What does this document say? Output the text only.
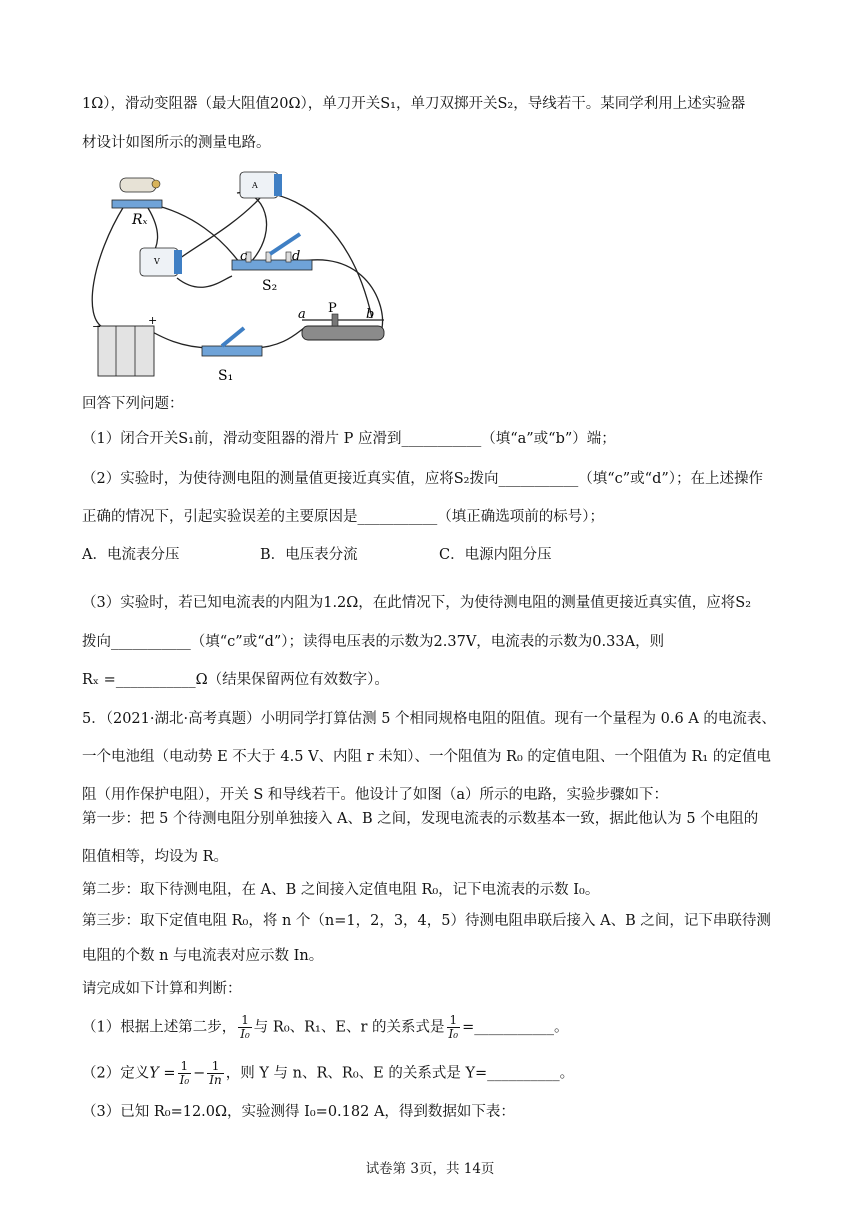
1Ω），滑动变阻器（最大阻值20Ω），单刀开关S₁，单刀双掷开关S₂，导线若干。某同学利用上述实验器
材设计如图所示的测量电路。
Rₓ
A
V	c	d
S₂
−	+
S₁
a P b
回答下列问题：
（1）闭合开关S₁前，滑动变阻器的滑片 P 应滑到___________（填“a”或“b”）端；
（2）实验时，为使待测电阻的测量值更接近真实值，应将S₂拨向___________（填“c”或“d”）；在上述操作
正确的情况下，引起实验误差的主要原因是___________（填正确选项前的标号）；
A．电流表分压	B．电压表分流	C．电源内阻分压
（3）实验时，若已知电流表的内阻为1.2Ω，在此情况下，为使待测电阻的测量值更接近真实值，应将S₂
拨向___________（填“c”或“d”）；读得电压表的示数为2.37V，电流表的示数为0.33A，则
Rₓ =___________Ω（结果保留两位有效数字）。
5．（2021·湖北·高考真题）小明同学打算估测 5 个相同规格电阻的阻值。现有一个量程为 0.6 A 的电流表、
一个电池组（电动势 E 不大于 4.5 V、内阻 r 未知）、一个阻值为 R₀ 的定值电阻、一个阻值为 R₁ 的定值电
阻（用作保护电阻），开关 S 和导线若干。他设计了如图（a）所示的电路，实验步骤如下：
第一步：把 5 个待测电阻分别单独接入 A、B 之间，发现电流表的示数基本一致，据此他认为 5 个电阻的
阻值相等，均设为 R。
第二步：取下待测电阻，在 A、B 之间接入定值电阻 R₀，记下电流表的示数 I₀。
第三步：取下定值电阻 R₀，将 n 个（n=1，2，3，4，5）待测电阻串联后接入 A、B 之间，记下串联待测
电阻的个数 n 与电流表对应示数 In。
请完成如下计算和判断：
（1）根据上述第二步， $\frac{1}{\text{I₀}}$ 与 R₀、R₁、E、r 的关系式是 $\frac{1}{\text{I₀}}$ =___________。
（2）定义$Y = \frac{1}{\text{I₀}} - \frac{1}{In}$ ，则 Y 与 n、R、R₀、E 的关系式是 Y=__________。
（3）已知 R₀=12.0Ω，实验测得 I₀=0.182 A，得到数据如下表：
试卷第 3页，共 14页
